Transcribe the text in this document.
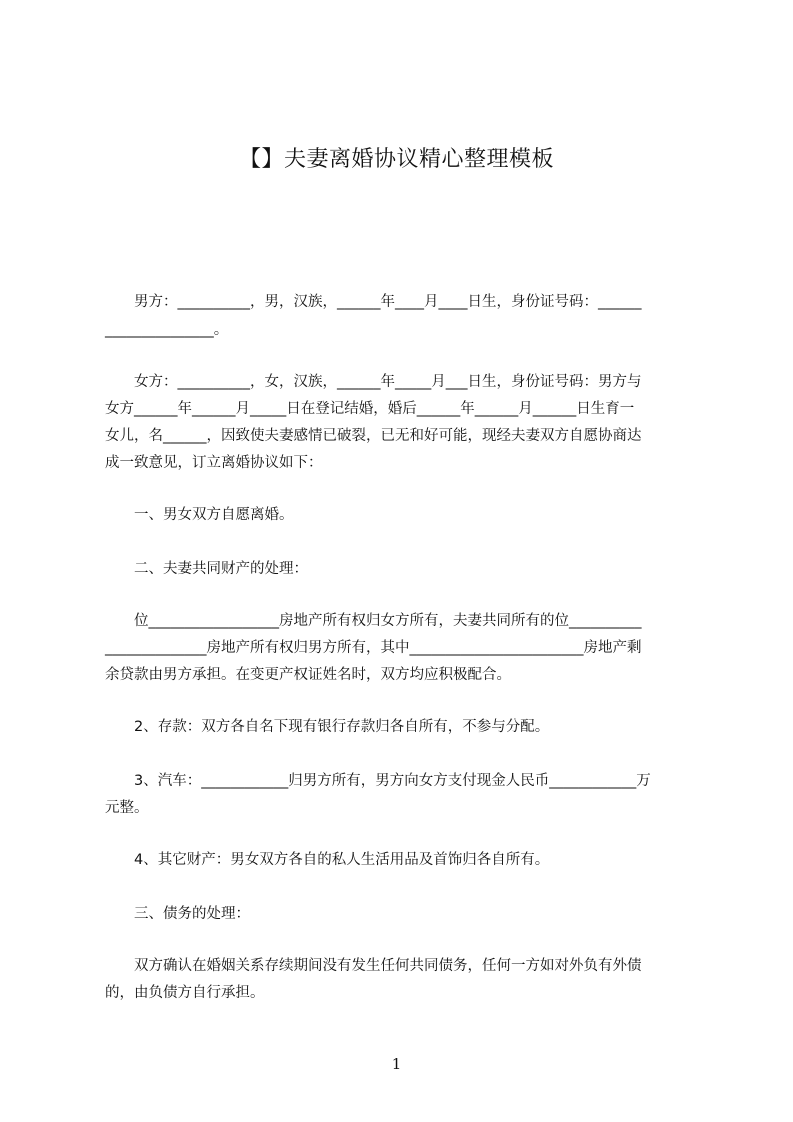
【】夫妻离婚协议精心整理模板

　　男方：__________，男，汉族，______年____月____日生，身份证号码：______

_______________。

　　女方：__________，女，汉族，______年_____月___日生，身份证号码：男方与

女方______年______月_____日在登记结婚，婚后______年______月______日生育一

女儿，名______，因致使夫妻感情已破裂，已无和好可能，现经夫妻双方自愿协商达

成一致意见，订立离婚协议如下：

　　一、男女双方自愿离婚。

　　二、夫妻共同财产的处理：

　　位__________________房地产所有权归女方所有，夫妻共同所有的位__________

______________房地产所有权归男方所有，其中________________________房地产剩

余贷款由男方承担。在变更产权证姓名时，双方均应积极配合。

　　2、存款：双方各自名下现有银行存款归各自所有，不参与分配。

　　3、汽车：____________归男方所有，男方向女方支付现金人民币____________万

元整。

　　4、其它财产：男女双方各自的私人生活用品及首饰归各自所有。

　　三、债务的处理：

　　双方确认在婚姻关系存续期间没有发生任何共同债务，任何一方如对外负有外债

的，由负债方自行承担。

1
